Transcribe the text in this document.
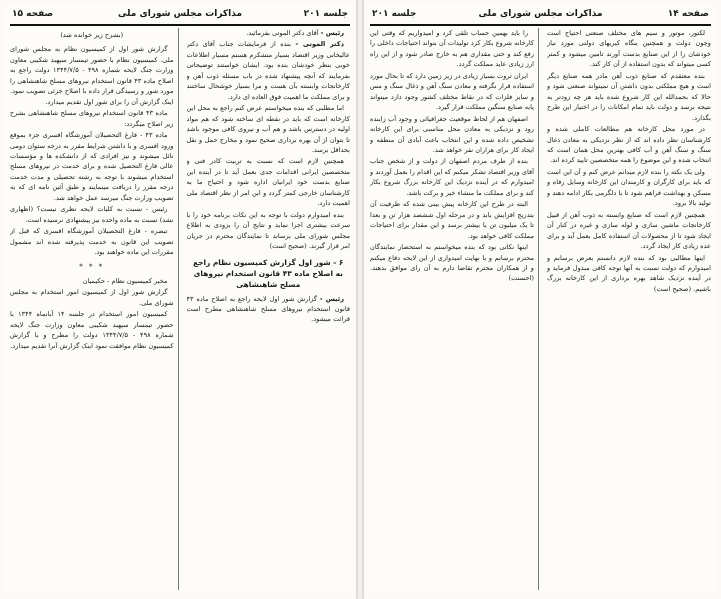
جلسه ۲۰۱
مذاکرات مجلس شورای ملی
صفحه ۱۵

رئیس - آقای دکتر الموتی بفرمائید.

دکتر الموتی - بنده از فرمایشات جناب آقای دکتر عالیخانی وزیر اقتصاد بسیار متشکرم هستم مسیار اطلاعات خوبی بنظر خودشان بنده بود. ایشان خواستند توضیحاتی بفرمایند که آنچه پیشنهاد شده در باب مسئله ذوب آهن و کارخانجات وابسته بآن هست و مرا بسیار خوشحال ساختند و برای مملکت ما اهمیت فوق العاده ای دارد.

اما مطلبی که بنده میخواستم عرض کنم راجع به محل این کارخانه است که باید در نقطه ای ساخته شود که هم مواد اولیه در دسترس باشد و هم آب و نیروی کافی موجود باشد تا بتوان از آن بهره برداری صحیح نمود و مخارج حمل و نقل بحداقل برسد.

همچنین لازم است که نسبت به تربیت کادر فنی و متخصصین ایرانی اقدامات جدی بعمل آید تا در آینده این صنایع بدست خود ایرانیان اداره شود و احتیاج ما به کارشناسان خارجی کمتر گردد و این امر از نظر اقتصاد ملی اهمیت دارد.

بنده امیدوارم دولت با توجه به این نکات برنامه خود را با سرعت بیشتری اجرا نماید و نتایج آن را بزودی به اطلاع مجلس شورای ملی برساند تا نمایندگان محترم در جریان امر قرار گیرند. (صحیح است)

۶ - شور اول گزارش کمیسیون نظام راجع به اصلاح ماده ۴۳ قانون استخدام نیروهای مسلح شاهنشاهی

رئیس - گزارش شور اول لایحه راجع به اصلاح ماده ۴۳ قانون استخدام نیروهای مسلح شاهنشاهی مطرح است قرائت میشود.

(بشرح زیر خوانده شد)

گزارش شور اول از کمیسیون نظام به مجلس شورای ملی. کمیسیون نظام با حضور تیمسار سپهبد شکیبی معاون وزارت جنگ لایحه شماره ۴۹۸ - ۱۳۴۴/۷/۵ دولت راجع به اصلاح ماده ۴۳ قانون استخدام نیروهای مسلح شاهنشاهی را مورد شور و رسیدگی قرار داده با اصلاح جزئی تصویب نمود. اینک گزارش آن را برای شور اول تقدیم میدارد.

ماده ۴۳ قانون استخدام نیروهای مسلح شاهنشاهی بشرح زیر اصلاح میگردد:

ماده ۴۳ - فارغ التحصیلان آموزشگاه افسری جزء بموقع ورود افسری و با داشتن شرایط مقرر به درجه ستوان دومی نائل میشوند و نیز افرادی که از دانشکده ها و مؤسسات عالی فارغ التحصیل شده و برای خدمت در نیروهای مسلح استخدام میشوند با توجه به رشته تحصیلی و مدت خدمت درجه مقرر را دریافت مینمایند و طبق آئین نامه ای که به تصویب وزارت جنگ میرسد عمل خواهد شد.

رئیس - نسبت به کلیات لایحه نظری نیست؟ (اظهاری نشد) نسبت به ماده واحده نیز پیشنهادی نرسیده است.

تبصره - فارغ التحصیلان آموزشگاه افسری که قبل از تصویب این قانون به خدمت پذیرفته شده اند مشمول مقررات این ماده خواهند بود.

* * *

مخبر کمیسیون نظام - حکیمیان

گزارش شور اول از کمیسیون امور استخدام به مجلس شورای ملی.

کمیسیون امور استخدام در جلسه ۱۴ آبانماه ۱۳۴۴ با حضور تیمسار سپهبد شکیبی معاون وزارت جنگ لایحه شماره ۴۹۸ - ۱۳۴۴/۷/۵ دولت را مطرح و با گزارش کمیسیون نظام موافقت نمود اینک گزارش آنرا تقدیم میدارد.

صفحه ۱۴
مذاکرات مجلس شورای ملی
جلسه ۲۰۱

لکتور، موتور و سیم های مختلف صنعتی احتیاج است وچون دولت و همچنین بنگاه کیریهای دولتی مورد نیاز خودشان را از این صنایع بدست آورند تامین میشود و کمتر کسی میتواند که بدون استفاده از آن کار کند.

بنده معتقدم که صنایع ذوب آهن مادر همه صنایع دیگر است و هیچ مملکتی بدون داشتن آن نمیتواند صنعتی شود و حالا که بحمدالله این کار شروع شده باید هر چه زودتر به نتیجه برسد و دولت باید تمام امکانات را در اختیار این طرح بگذارد.

در مورد محل کارخانه هم مطالعات کاملی شده و کارشناسان نظر داده اند که از نظر نزدیکی به معادن ذغال سنگ و سنگ آهن و آب کافی بهترین محل همان است که انتخاب شده و این موضوع را همه متخصصین تایید کرده اند.

ولی یک نکته را بنده لازم میدانم عرض کنم و آن این است که باید برای کارگران و کارمندان این کارخانه وسایل رفاه و مسکن و بهداشت فراهم شود تا با دلگرمی بکار ادامه دهند و تولید بالا برود.

همچنین لازم است که صنایع وابسته به ذوب آهن از قبیل کارخانجات ماشین سازی و لوله سازی و غیره در کنار آن ایجاد شود تا از محصولات آن استفاده کامل بعمل آید و برای عده زیادی کار ایجاد گردد.

اینها مطالبی بود که بنده لازم دانستم بعرض برسانم و امیدوارم که دولت نسبت به آنها توجه کافی مبذول فرماید و در آینده نزدیک شاهد بهره برداری از این کارخانه بزرگ باشیم. (صحیح است)

را باید بهمین حساب تلقی کرد و امیدواریم که وقتی این کارخانه شروع بکار کرد تولیدات آن بتواند احتیاجات داخلی را رفع کند و حتی مقداری هم به خارج صادر شود و از این راه ارز زیادی عاید مملکت گردد.

ایران ثروت بسیار زیادی در زیر زمین دارد که تا بحال مورد استفاده قرار نگرفته و معادن سنگ آهن و ذغال سنگ و مس و سایر فلزات که در نقاط مختلف کشور وجود دارد میتواند پایه صنایع سنگین مملکت قرار گیرد.

اصفهان هم از لحاظ موقعیت جغرافیائی و وجود آب زاینده رود و نزدیکی به معادن محل مناسبی برای این کارخانه تشخیص داده شده و این انتخاب باعث آبادی آن منطقه و ایجاد کار برای هزاران نفر خواهد شد.

بنده از طرف مردم اصفهان از دولت و از شخص جناب آقای وزیر اقتصاد تشکر میکنم که این اقدام را بعمل آوردند و امیدوارم که در آینده نزدیک این کارخانه بزرگ شروع بکار کند و برای مملکت ما منشاء خیر و برکت باشد.

البته در طرح این کارخانه پیش بینی شده که ظرفیت آن بتدریج افزایش یابد و در مرحله اول ششصد هزار تن و بعدا تا یک میلیون تن یا بیشتر برسد و این مقدار برای احتیاجات مملکت کافی خواهد بود.

اینها نکاتی بود که بنده میخواستم به استحضار نمایندگان محترم برسانم و با نهایت امیدواری از این لایحه دفاع میکنم و از همکاران محترم تقاضا دارم به آن رای موافق بدهند. (احسنت)
